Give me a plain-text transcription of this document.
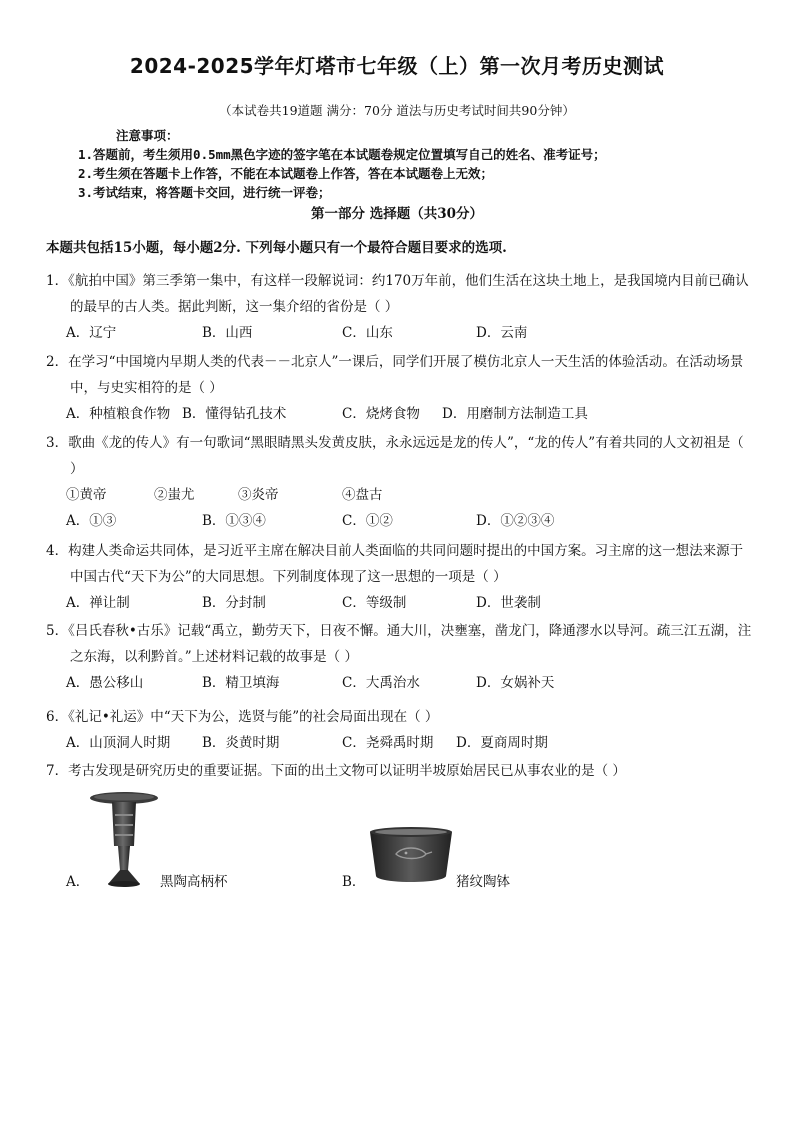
2024-2025学年灯塔市七年级（上）第一次月考历史测试
（本试卷共19道题 满分：70分 道法与历史考试时间共90分钟）
注意事项：
1.答题前，考生须用0.5mm黑色字迹的签字笔在本试题卷规定位置填写自己的姓名、准考证号；
2.考生须在答题卡上作答，不能在本试题卷上作答，答在本试题卷上无效；
3.考试结束，将答题卡交回，进行统一评卷；
第一部分 选择题（共30分）
本题共包括15小题，每小题2分. 下列每小题只有一个最符合题目要求的选项.
1．《航拍中国》第三季第一集中，有这样一段解说词：约170万年前，他们生活在这块土地上，是我国境内目前已确认的最早的古人类。据此判断，这一集介绍的省份是（ ）
A．辽宁	B．山西	C．山东	D．云南
2．在学习“中国境内早期人类的代表－－北京人”一课后，同学们开展了模仿北京人一天生活的体验活动。在活动场景中，与史实相符的是（ ）
A．种植粮食作物 B．懂得钻孔技术	C．烧烤食物 D．用磨制方法制造工具
3．歌曲《龙的传人》有一句歌词“黑眼睛黑头发黄皮肤，永永远远是龙的传人”，“龙的传人”有着共同的人文初祖是（ ）
①黄帝	②蚩尤	③炎帝	④盘古
A．①③	B．①③④	C．①②	D．①②③④
4．构建人类命运共同体，是习近平主席在解决目前人类面临的共同问题时提出的中国方案。习主席的这一想法来源于中国古代“天下为公”的大同思想。下列制度体现了这一思想的一项是（ ）
A．禅让制	B．分封制	C．等级制	D．世袭制
5．《吕氏春秋•古乐》记载“禹立，勤劳天下，日夜不懈。通大川，决壅塞，凿龙门，降通漻水以导河。疏三江五湖，注之东海，以利黔首。”上述材料记载的故事是（ ）
A．愚公移山	B．精卫填海	C．大禹治水	D．女娲补天
6．《礼记•礼运》中“天下为公，选贤与能”的社会局面出现在（ ）
A．山顶洞人时期 B．炎黄时期	C．尧舜禹时期 D．夏商周时期
7．考古发现是研究历史的重要证据。下面的出土文物可以证明半坡原始居民已从事农业的是（ ）
A．	黑陶高柄杯	B．	猪纹陶钵
